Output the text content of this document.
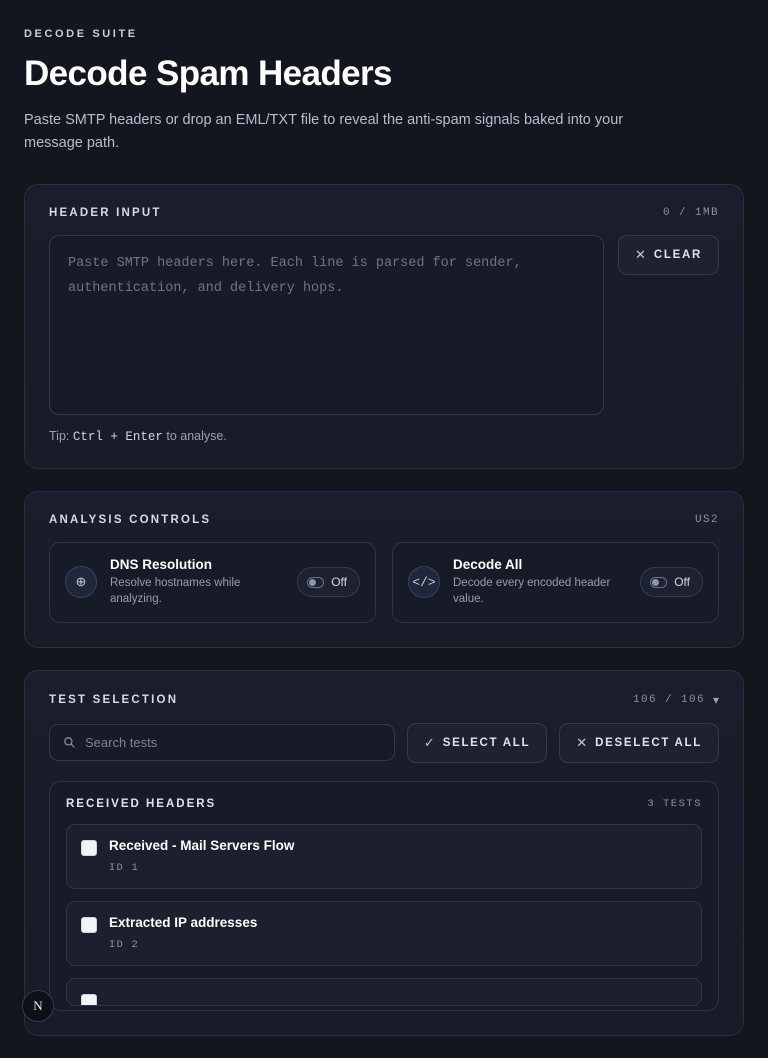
DECODE SUITE
Decode Spam Headers
Paste SMTP headers or drop an EML/TXT file to reveal the anti-spam signals baked into your message path.
HEADER INPUT	0 / 1MB
Paste SMTP headers here. Each line is parsed for sender, authentication, and delivery hops.
✕ CLEAR
Tip: Ctrl + Enter to analyse.
ANALYSIS CONTROLS	US2
⊕
DNS Resolution
Resolve hostnames while analyzing.
Off	</>
Decode All
Decode every encoded header value.
Off
TEST SELECTION	106 / 106 ▾
Search tests
✓ SELECT ALL	✕ DESELECT ALL
RECEIVED HEADERS	3 TESTS
Received - Mail Servers Flow
ID 1
Extracted IP addresses
ID 2
N
